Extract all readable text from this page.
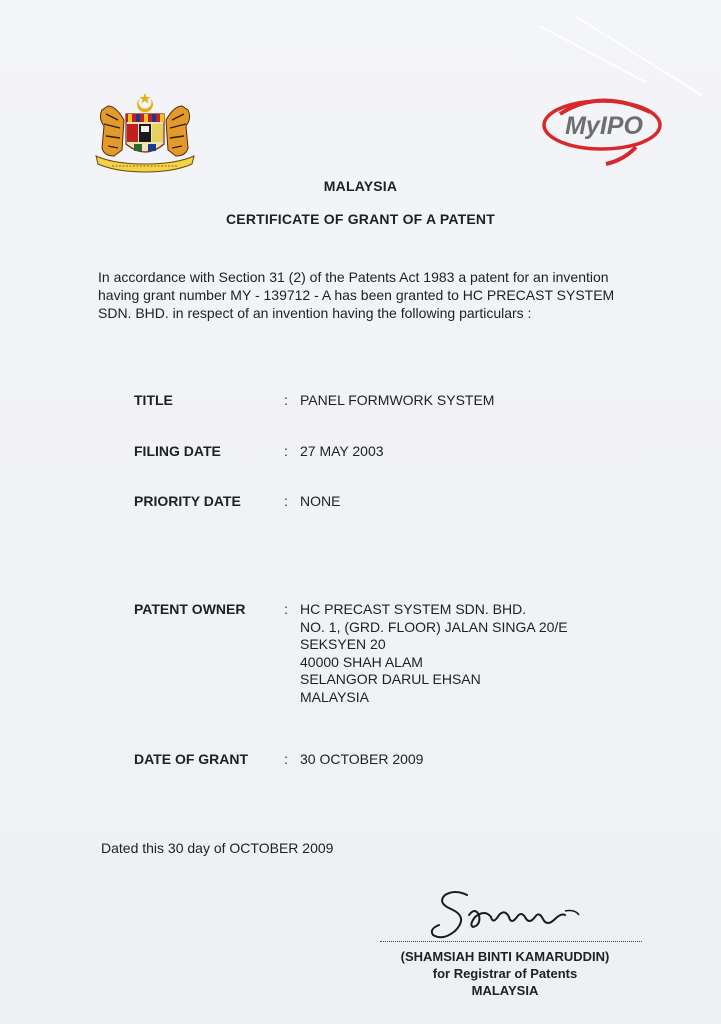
MyIPO
MALAYSIA
CERTIFICATE OF GRANT OF A PATENT
In accordance with Section 31 (2) of the Patents Act 1983 a patent for an invention having grant number MY - 139712 - A has been granted to HC PRECAST SYSTEM SDN. BHD. in respect of an invention having the following particulars :
TITLE	: PANEL FORMWORK SYSTEM
FILING DATE	: 27 MAY 2003
PRIORITY DATE	: NONE
PATENT OWNER	: HC PRECAST SYSTEM SDN. BHD.
NO. 1, (GRD. FLOOR) JALAN SINGA 20/E
SEKSYEN 20
40000 SHAH ALAM
SELANGOR DARUL EHSAN
MALAYSIA
DATE OF GRANT	: 30 OCTOBER 2009
Dated this 30 day of OCTOBER 2009
(SHAMSIAH BINTI KAMARUDDIN)
for Registrar of Patents
MALAYSIA
